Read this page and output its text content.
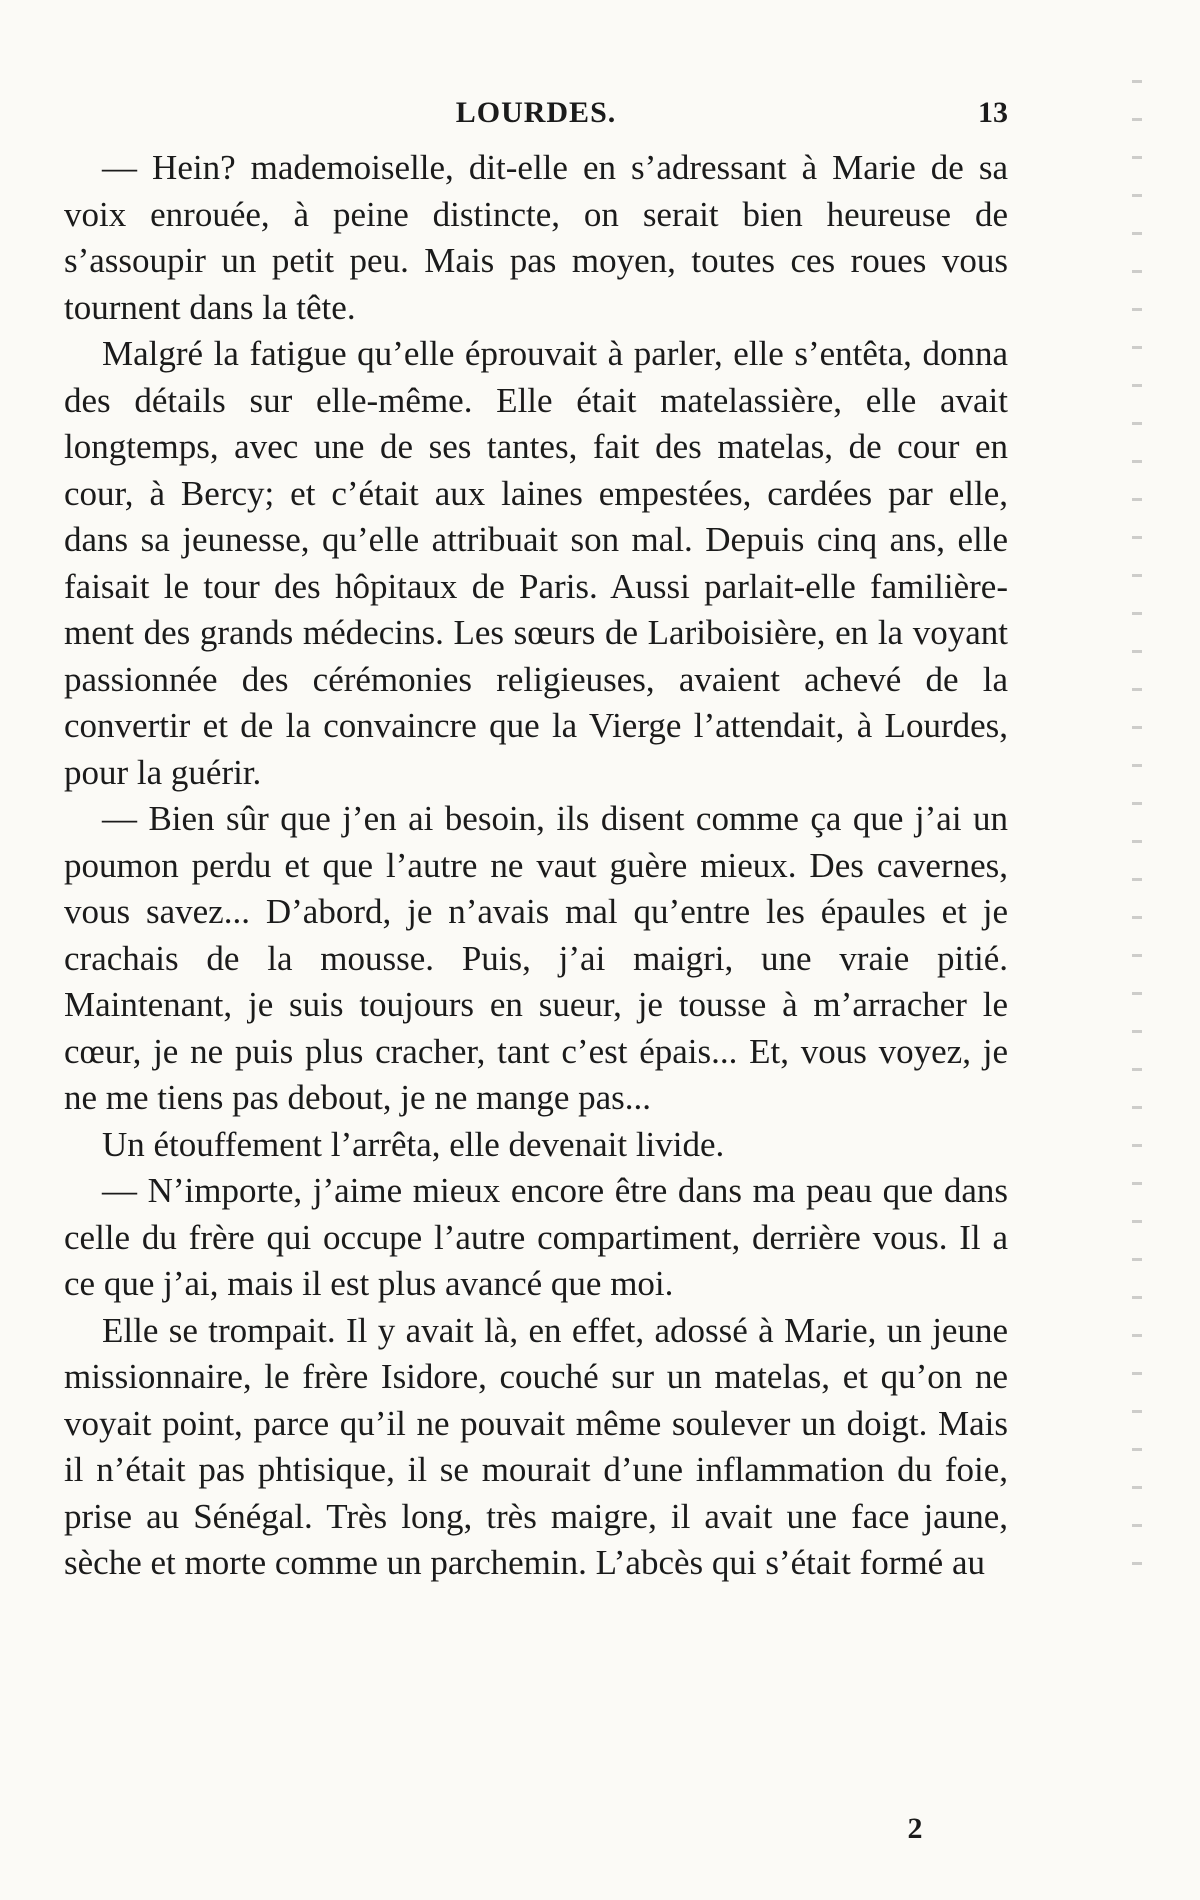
LOURDES.	13

— Hein? mademoiselle, dit-elle en s’adressant à Marie de sa voix enrouée, à peine distincte, on serait bien heureuse de s’assoupir un petit peu. Mais pas moyen, toutes ces roues vous tournent dans la tête.

Malgré la fatigue qu’elle éprouvait à parler, elle s’entêta, donna des détails sur elle-même. Elle était matelassière, elle avait longtemps, avec une de ses tantes, fait des matelas, de cour en cour, à Bercy; et c’était aux laines empestées, cardées par elle, dans sa jeunesse, qu’elle attribuait son mal. Depuis cinq ans, elle faisait le tour des hôpitaux de Paris. Aussi parlait-elle familièrement des grands médecins. Les sœurs de Lariboisière, en la voyant passionnée des cérémonies religieuses, avaient achevé de la convertir et de la convaincre que la Vierge l’attendait, à Lourdes, pour la guérir.

— Bien sûr que j’en ai besoin, ils disent comme ça que j’ai un poumon perdu et que l’autre ne vaut guère mieux. Des cavernes, vous savez... D’abord, je n’avais mal qu’entre les épaules et je crachais de la mousse. Puis, j’ai maigri, une vraie pitié. Maintenant, je suis toujours en sueur, je tousse à m’arracher le cœur, je ne puis plus cracher, tant c’est épais... Et, vous voyez, je ne me tiens pas debout, je ne mange pas...

Un étouffement l’arrêta, elle devenait livide.

— N’importe, j’aime mieux encore être dans ma peau que dans celle du frère qui occupe l’autre compartiment, derrière vous. Il a ce que j’ai, mais il est plus avancé que moi.

Elle se trompait. Il y avait là, en effet, adossé à Marie, un jeune missionnaire, le frère Isidore, couché sur un matelas, et qu’on ne voyait point, parce qu’il ne pouvait même soulever un doigt. Mais il n’était pas phtisique, il se mourait d’une inflammation du foie, prise au Sénégal. Très long, très maigre, il avait une face jaune, sèche et morte comme un parchemin. L’abcès qui s’était formé au

2
